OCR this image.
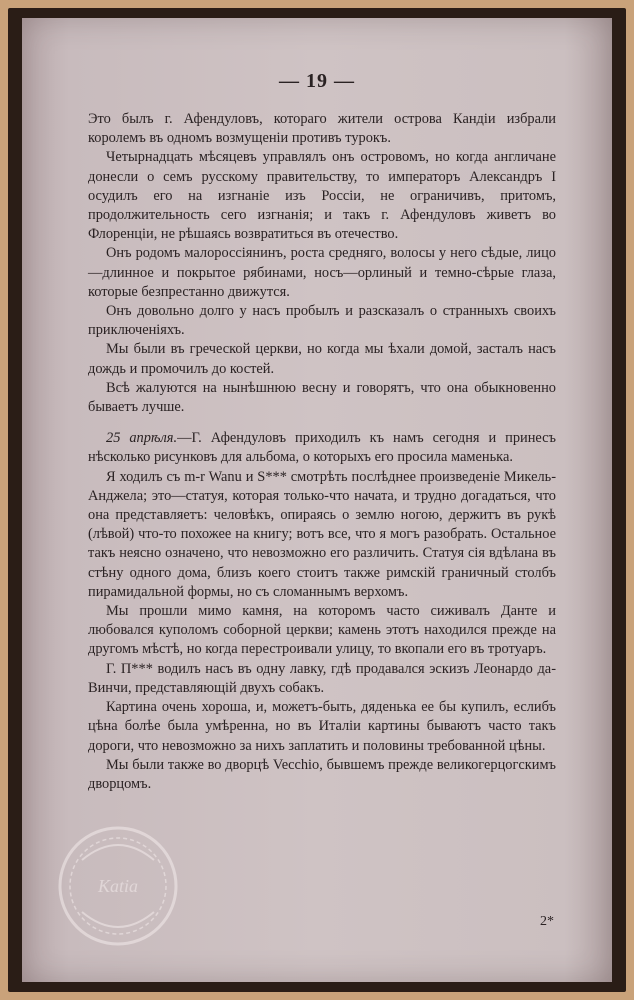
— 19 —

Это былъ г. Афендуловъ, котораго жители острова Кандіи избрали королемъ въ одномъ возмущеніи противъ турокъ.

Четырнадцать мѣсяцевъ управлялъ онъ островомъ, но когда англичане донесли о семъ русскому правительству, то императоръ Александръ I осудилъ его на изгнаніе изъ Россіи, не ограничивъ, притомъ, продолжительность сего изгнанія; и такъ г. Афендуловъ живетъ во Флоренціи, не рѣшаясь возвратиться въ отечество.

Онъ родомъ малороссіянинъ, роста средняго, волосы у него сѣдые, лицо—длинное и покрытое рябинами, носъ—орлиный и темно-сѣрые глаза, которые безпрестанно движутся.

Онъ довольно долго у насъ пробылъ и разсказалъ о странныхъ своихъ приключеніяхъ.

Мы были въ греческой церкви, но когда мы ѣхали домой, засталъ насъ дождь и промочилъ до костей.

Всѣ жалуются на нынѣшнюю весну и говорятъ, что она обыкновенно бываетъ лучше.

25 апрѣля.—Г. Афендуловъ приходилъ къ намъ сегодня и принесъ нѣсколько рисунковъ для альбома, о которыхъ его просила маменька.

Я ходилъ съ m-r Wanu и S*** смотрѣть послѣднее произведеніе Микель-Анджела; это—статуя, которая только-что начата, и трудно догадаться, что она представляетъ: человѣкъ, опираясь о землю ногою, держитъ въ рукѣ (лѣвой) что-то похожее на книгу; вотъ все, что я могъ разобрать. Остальное такъ неясно означено, что невозможно его различить. Статуя сія вдѣлана въ стѣну одного дома, близъ коего стоитъ также римскій граничный столбъ пирамидальной формы, но съ сломаннымъ верхомъ.

Мы прошли мимо камня, на которомъ часто сиживалъ Данте и любовался куполомъ соборной церкви; камень этотъ находился прежде на другомъ мѣстѣ, но когда перестроивали улицу, то вкопали его въ тротуаръ.

Г. П*** водилъ насъ въ одну лавку, гдѣ продавался эскизъ Леонардо да-Винчи, представляющій двухъ собакъ.

Картина очень хороша, и, можетъ-быть, дяденька ее бы купилъ, еслибъ цѣна болѣе была умѣренна, но въ Италіи картины бываютъ часто такъ дороги, что невозможно за нихъ заплатить и половины требованной цѣны.

Мы были также во дворцѣ Vecchio, бывшемъ прежде великогерцогскимъ дворцомъ.

2*
Katia
